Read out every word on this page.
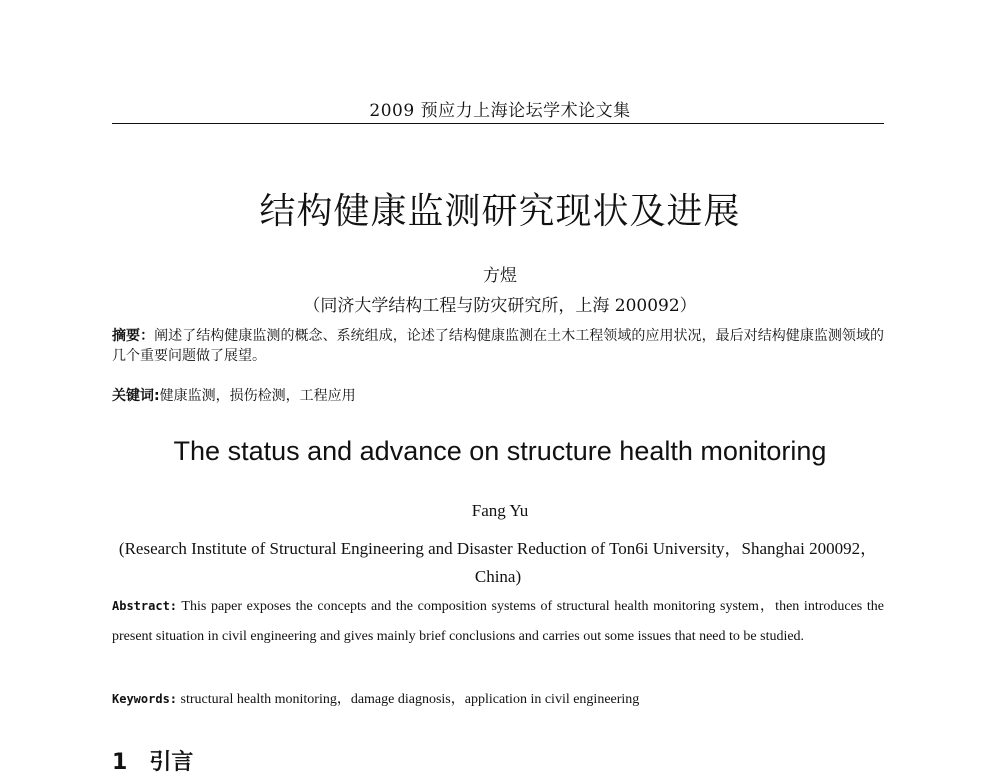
2009 预应力上海论坛学术论文集
结构健康监测研究现状及进展
方煜
（同济大学结构工程与防灾研究所，上海 200092）
摘要：阐述了结构健康监测的概念、系统组成，论述了结构健康监测在土木工程领域的应用状况，最后对结构健康监测领域的几个重要问题做了展望。
关键词:健康监测，损伤检测，工程应用
The status and advance on structure health monitoring
Fang Yu
(Research Institute of Structural Engineering and Disaster Reduction of Ton6i University，Shanghai 200092，China)
Abstract: This paper exposes the concepts and the composition systems of structural health monitoring system，then introduces the present situation in civil engineering and gives mainly brief conclusions and carries out some issues that need to be studied.
Keywords: structural health monitoring，damage diagnosis，application in civil engineering
1 引言
